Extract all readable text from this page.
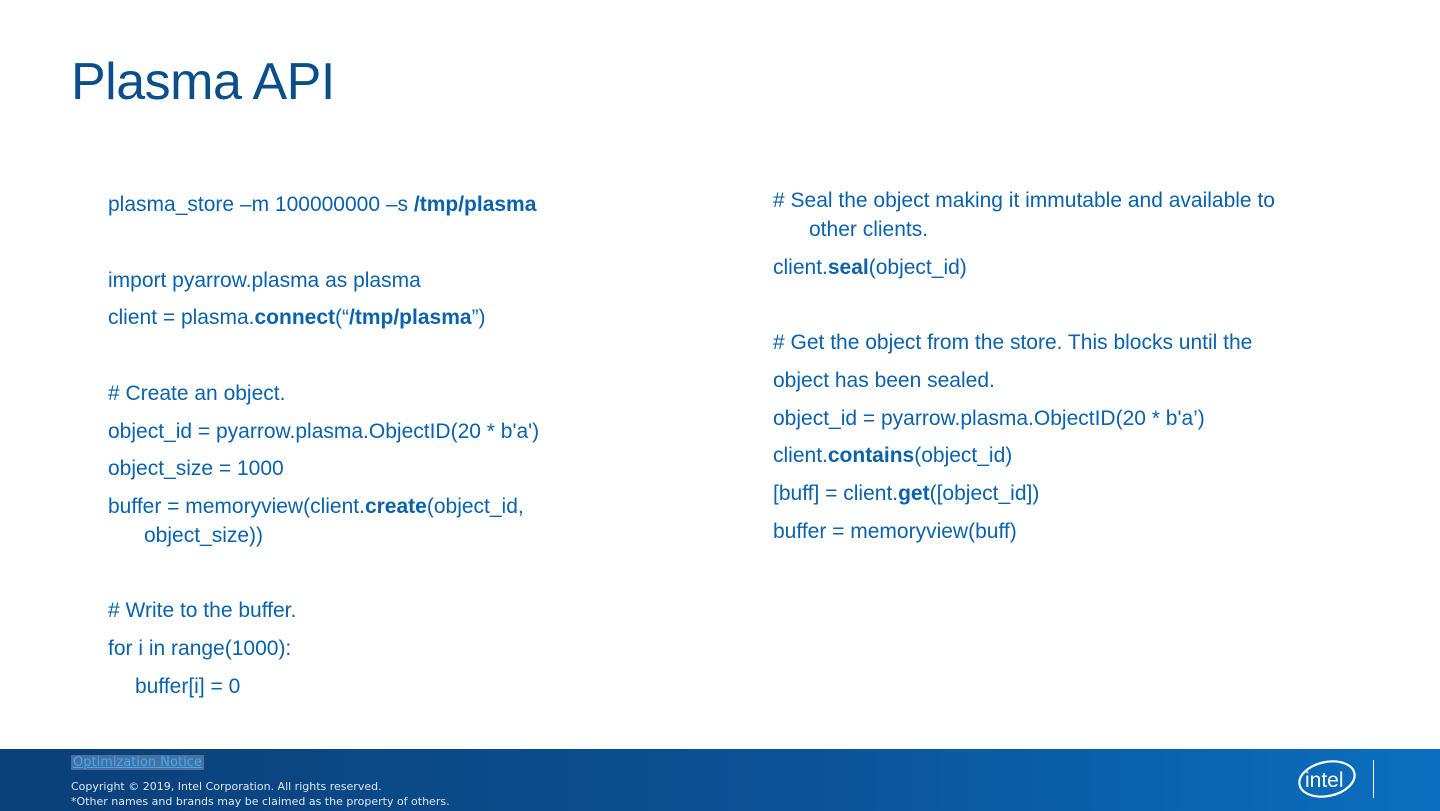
Plasma API
plasma_store –m 100000000 –s /tmp/plasma
import pyarrow.plasma as plasma
client = plasma.connect(“/tmp/plasma”)
# Create an object.
object_id = pyarrow.plasma.ObjectID(20 * b'a')
object_size = 1000
buffer = memoryview(client.create(object_id,
object_size))
# Write to the buffer.
for i in range(1000):
buffer[i] = 0
# Seal the object making it immutable and available to
other clients.
client.seal(object_id)
# Get the object from the store. This blocks until the
object has been sealed.
object_id = pyarrow.plasma.ObjectID(20 * b'a’)
client.contains(object_id)
[buff] = client.get([object_id])
buffer = memoryview(buff)
Optimization Notice
Copyright © 2019, Intel Corporation. All rights reserved.
*Other names and brands may be claimed as the property of others.
intel
